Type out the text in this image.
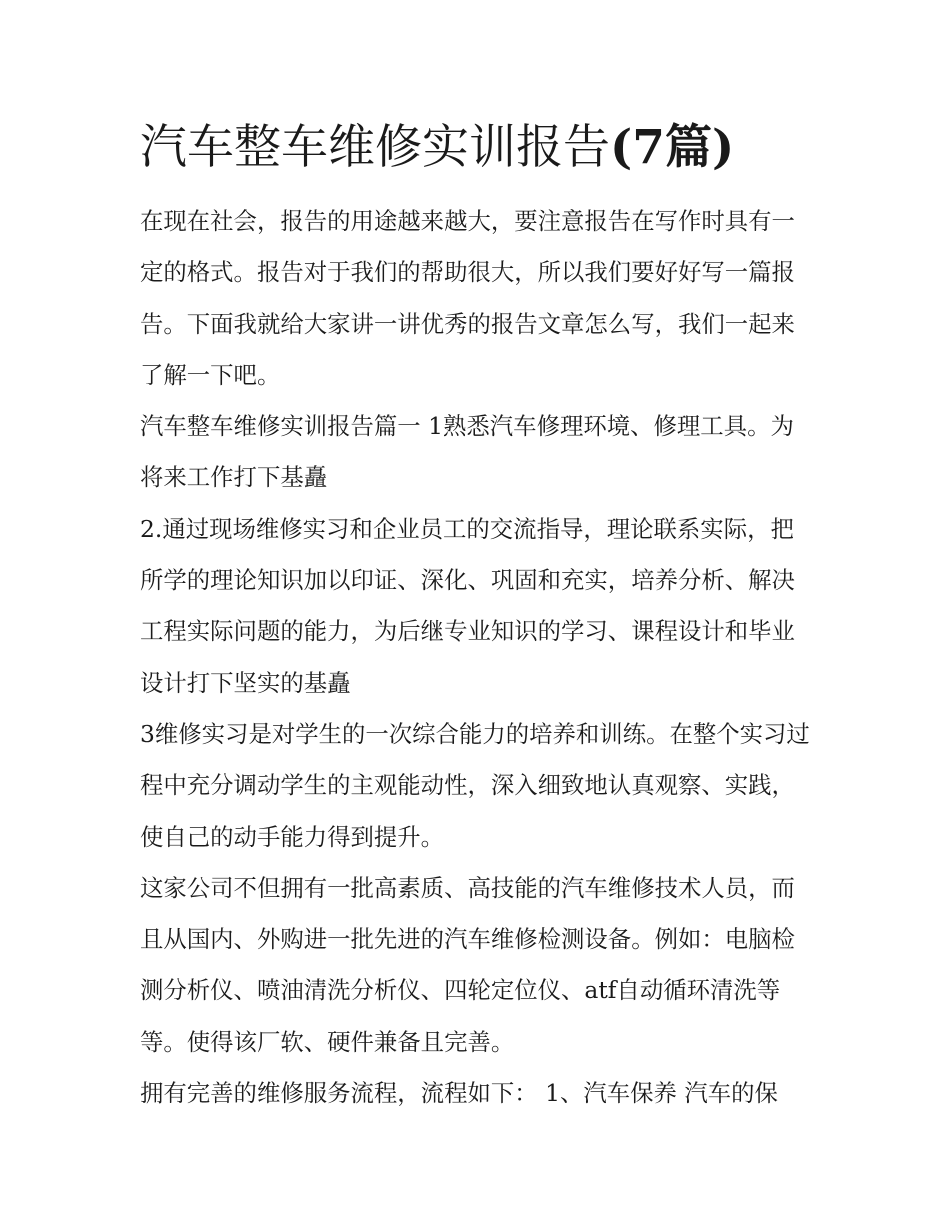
汽车整车维修实训报告(7篇)

在现在社会，报告的用途越来越大，要注意报告在写作时具有一定的格式。报告对于我们的帮助很大，所以我们要好好写一篇报告。下面我就给大家讲一讲优秀的报告文章怎么写，我们一起来了解一下吧。

汽车整车维修实训报告篇一 1熟悉汽车修理环境、修理工具。为将来工作打下基矗

2.通过现场维修实习和企业员工的交流指导，理论联系实际，把所学的理论知识加以印证、深化、巩固和充实，培养分析、解决工程实际问题的能力，为后继专业知识的学习、课程设计和毕业设计打下坚实的基矗

3维修实习是对学生的一次综合能力的培养和训练。在整个实习过程中充分调动学生的主观能动性，深入细致地认真观察、实践，使自己的动手能力得到提升。

这家公司不但拥有一批高素质、高技能的汽车维修技术人员，而且从国内、外购进一批先进的汽车维修检测设备。例如：电脑检测分析仪、喷油清洗分析仪、四轮定位仪、atf自动循环清洗等等。使得该厂软、硬件兼备且完善。

拥有完善的维修服务流程，流程如下： 1、汽车保养 汽车的保
